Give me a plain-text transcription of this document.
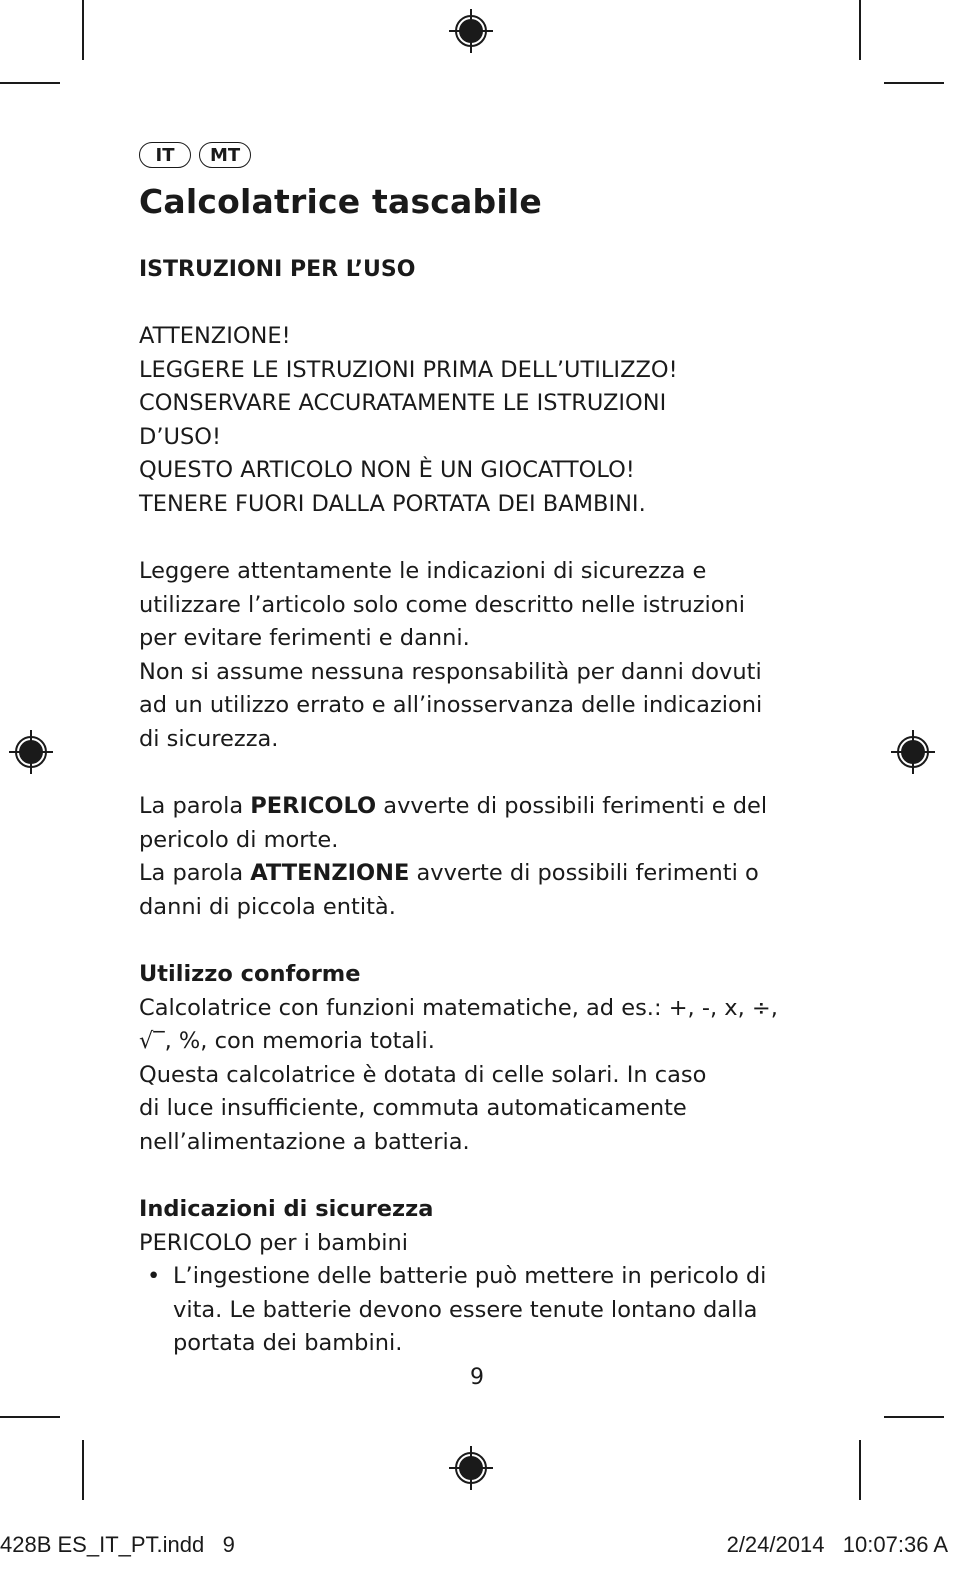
IT	MT
Calcolatrice tascabile
ISTRUZIONI PER L’USO

ATTENZIONE!

LEGGERE LE ISTRUZIONI PRIMA DELL’UTILIZZO!

CONSERVARE ACCURATAMENTE LE ISTRUZIONI

D’USO!

QUESTO ARTICOLO NON È UN GIOCATTOLO!

TENERE FUORI DALLA PORTATA DEI BAMBINI.

Leggere attentamente le indicazioni di sicurezza e

utilizzare l’articolo solo come descritto nelle istruzioni

per evitare ferimenti e danni.

Non si assume nessuna responsabilità per danni dovuti

ad un utilizzo errato e all’inosservanza delle indicazioni

di sicurezza.

La parola PERICOLO avverte di possibili ferimenti e del

pericolo di morte.

La parola ATTENZIONE avverte di possibili ferimenti o

danni di piccola entità.

Utilizzo conforme

Calcolatrice con funzioni matematiche, ad es.: +, -, x, ÷,

√‾, %, con memoria totali.

Questa calcolatrice è dotata di celle solari. In caso

di luce insufficiente, commuta automaticamente

nell’alimentazione a batteria.

Indicazioni di sicurezza

PERICOLO per i bambini

• L’ingestione delle batterie può mettere in pericolo di
vita. Le batterie devono essere tenute lontano dalla
portata dei bambini.
9
428B ES_IT_PT.indd   9	2/24/2014   10:07:36 A
